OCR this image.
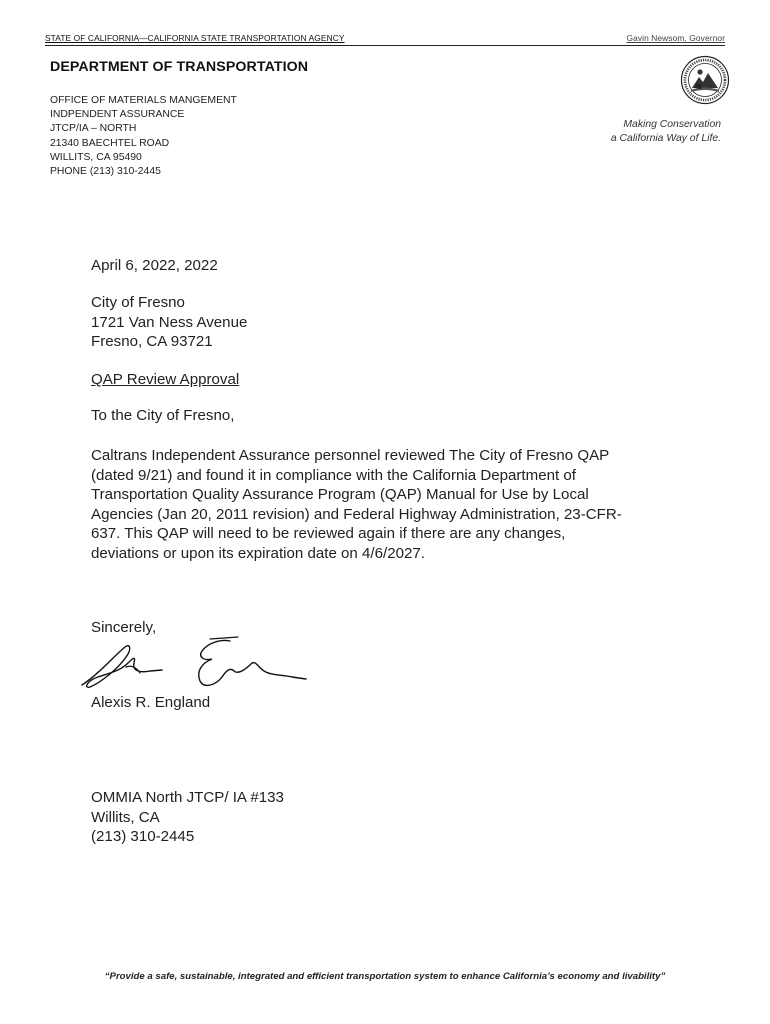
STATE OF CALIFORNIA—CALIFORNIA STATE TRANSPORTATION AGENCY	Gavin Newsom, Governor
DEPARTMENT OF TRANSPORTATION
OFFICE OF MATERIALS MANGEMENT
INDPENDENT ASSURANCE
JTCP/IA – NORTH
21340 BAECHTEL ROAD
WILLITS, CA 95490
PHONE (213) 310-2445
Making Conservation
a California Way of Life.
April 6, 2022, 2022
City of Fresno
1721 Van Ness Avenue
Fresno, CA 93721
QAP Review Approval
To the City of Fresno,
Caltrans Independent Assurance personnel reviewed The City of Fresno QAP
(dated 9/21) and found it in compliance with the California Department of
Transportation Quality Assurance Program (QAP) Manual for Use by Local
Agencies (Jan 20, 2011 revision) and Federal Highway Administration, 23-CFR-
637. This QAP will need to be reviewed again if there are any changes,
deviations or upon its expiration date on 4/6/2027.
Sincerely,
Alexis R. England
OMMIA North JTCP/ IA #133
Willits, CA
(213) 310-2445
“Provide a safe, sustainable, integrated and efficient transportation system to enhance California’s economy and livability”
